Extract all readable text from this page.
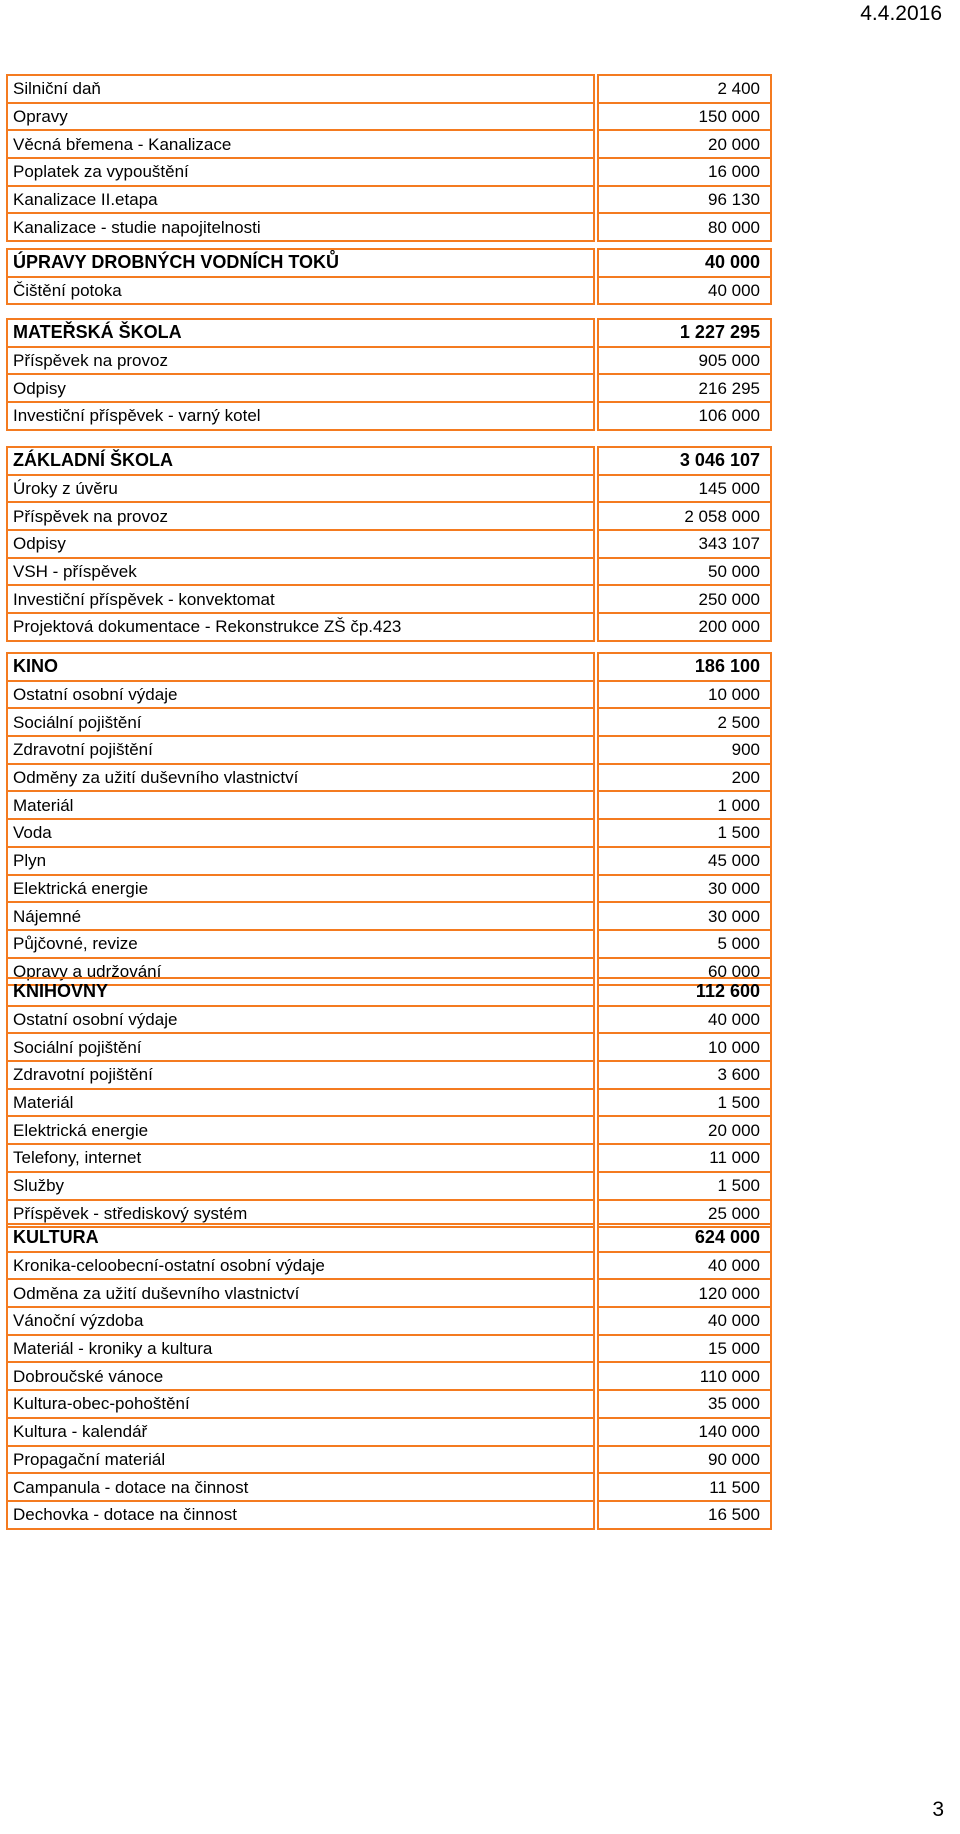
4.4.2016
Silniční daň	2 400
Opravy	150 000
Věcná břemena - Kanalizace	20 000
Poplatek za vypouštění	16 000
Kanalizace II.etapa	96 130
Kanalizace - studie napojitelnosti	80 000
ÚPRAVY DROBNÝCH VODNÍCH TOKŮ	40 000
Čištění potoka	40 000
MATEŘSKÁ ŠKOLA	1 227 295
Příspěvek na provoz	905 000
Odpisy	216 295
Investiční příspěvek - varný kotel	106 000
ZÁKLADNÍ ŠKOLA	3 046 107
Úroky z úvěru	145 000
Příspěvek na provoz	2 058 000
Odpisy	343 107
VSH - příspěvek	50 000
Investiční příspěvek - konvektomat	250 000
Projektová dokumentace - Rekonstrukce ZŠ čp.423	200 000
KINO	186 100
Ostatní osobní výdaje	10 000
Sociální pojištění	2 500
Zdravotní pojištění	900
Odměny za užití duševního vlastnictví	200
Materiál	1 000
Voda	1 500
Plyn	45 000
Elektrická energie	30 000
Nájemné	30 000
Půjčovné, revize	5 000
Opravy a udržování	60 000
KNIHOVNY	112 600
Ostatní osobní výdaje	40 000
Sociální pojištění	10 000
Zdravotní pojištění	3 600
Materiál	1 500
Elektrická energie	20 000
Telefony, internet	11 000
Služby	1 500
Příspěvek - střediskový systém	25 000
KULTURA	624 000
Kronika-celoobecní-ostatní osobní výdaje	40 000
Odměna za užití duševního vlastnictví	120 000
Vánoční výzdoba	40 000
Materiál - kroniky a kultura	15 000
Dobroučské vánoce	110 000
Kultura-obec-pohoštění	35 000
Kultura - kalendář	140 000
Propagační materiál	90 000
Campanula - dotace na činnost	11 500
Dechovka - dotace na činnost	16 500
3
